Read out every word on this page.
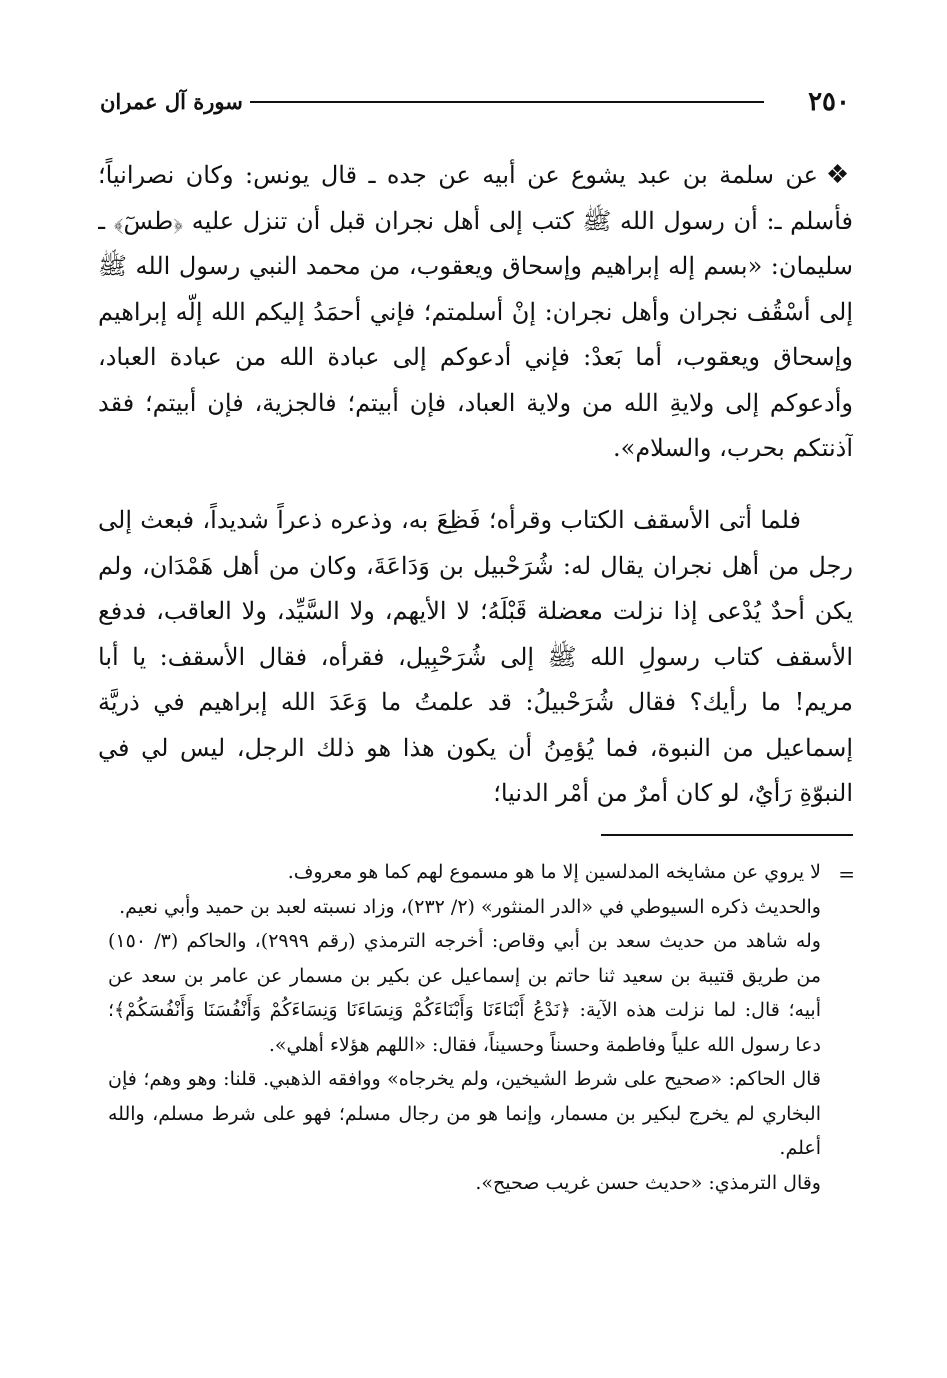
٢٥٠
سورة آل عمران

❖عن سلمة بن عبد يشوع عن أبيه عن جده ـ قال يونس: وكان نصرانياً؛ فأسلم ـ: أن رسول الله ﷺ كتب إلى أهل نجران قبل أن تنزل عليه ﴿طسٓ﴾ ـ سليمان: «بسم إله إبراهيم وإسحاق ويعقوب، من محمد النبي رسول الله ﷺ إلى أسْقُف نجران وأهل نجران: إنْ أسلمتم؛ فإني أحمَدُ إليكم الله إلّه إبراهيم وإسحاق ويعقوب، أما بَعدْ: فإني أدعوكم إلى عبادة الله من عبادة العباد، وأدعوكم إلى ولايةِ الله من ولاية العباد، فإن أبيتم؛ فالجزية، فإن أبيتم؛ فقد آذنتكم بحرب، والسلام».

فلما أتى الأسقف الكتاب وقرأه؛ فَظِعَ به، وذعره ذعراً شديداً، فبعث إلى رجل من أهل نجران يقال له: شُرَحْبيل بن وَدَاعَةَ، وكان من أهل هَمْدَان، ولم يكن أحدٌ يُدْعى إذا نزلت معضلة قَبْلَهُ؛ لا الأيهم، ولا السَّيِّد، ولا العاقب، فدفع الأسقف كتاب رسولِ الله ﷺ إلى شُرَحْبِيل، فقرأه، فقال الأسقف: يا أبا مريم! ما رأيك؟ فقال شُرَحْبيلُ: قد علمتُ ما وَعَدَ الله إبراهيم في ذريَّة إسماعيل من النبوة، فما يُؤمِنُ أن يكون هذا هو ذلك الرجل، ليس لي في النبوّةِ رَأيٌ، لو كان أمرٌ من أمْر الدنيا؛

=

لا يروي عن مشايخه المدلسين إلا ما هو مسموع لهم كما هو معروف.

والحديث ذكره السيوطي في «الدر المنثور» (٢/ ٢٣٢)، وزاد نسبته لعبد بن حميد وأبي نعيم.

وله شاهد من حديث سعد بن أبي وقاص: أخرجه الترمذي (رقم ٢٩٩٩)، والحاكم (٣/ ١٥٠) من طريق قتيبة بن سعيد ثنا حاتم بن إسماعيل عن بكير بن مسمار عن عامر بن سعد عن أبيه؛ قال: لما نزلت هذه الآية: ﴿نَدْعُ أَبْنَاءَنَا وَأَبْنَاءَكُمْ وَنِسَاءَنَا وَنِسَاءَكُمْ وَأَنْفُسَنَا وَأَنْفُسَكُمْ﴾؛ دعا رسول الله علياً وفاطمة وحسناً وحسيناً، فقال: «اللهم هؤلاء أهلي».

قال الحاكم: «صحيح على شرط الشيخين، ولم يخرجاه» ووافقه الذهبي. قلنا: وهو وهم؛ فإن البخاري لم يخرج لبكير بن مسمار، وإنما هو من رجال مسلم؛ فهو على شرط مسلم، والله أعلم.

وقال الترمذي: «حديث حسن غريب صحيح».
